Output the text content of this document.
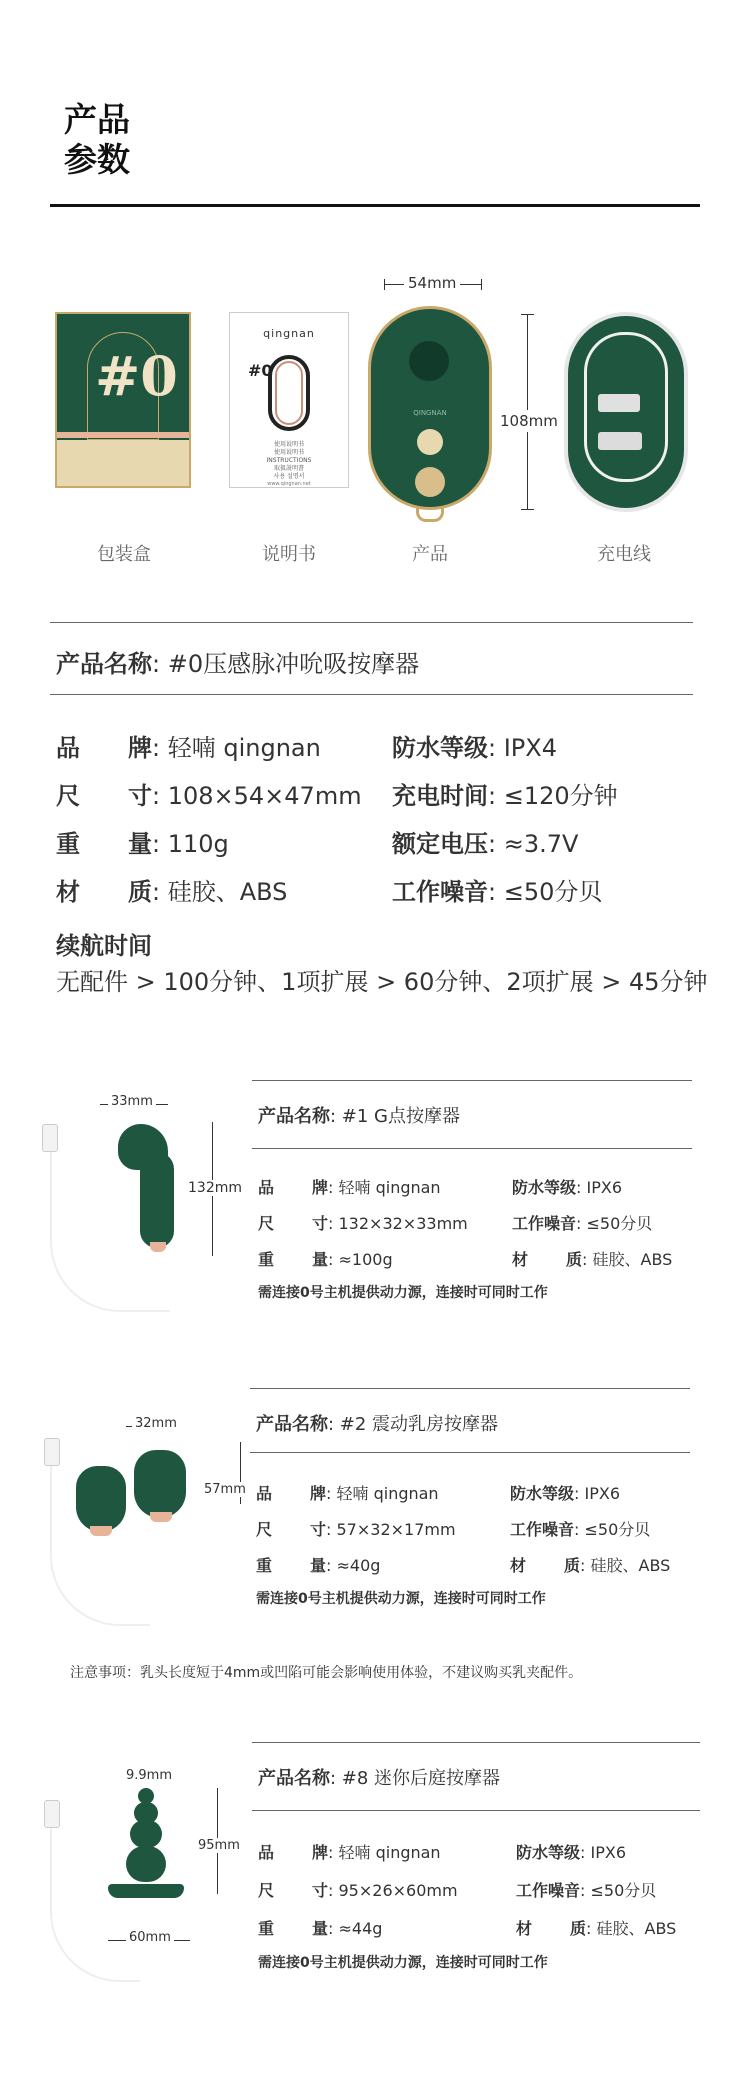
产品
参数
#0
包装盒
qingnan
#0
使用说明书
使用说明书
INSTRUCTIONS
取扱説明書
사용 설명서
www.qingnan.net
说明书
54mm
QINGNAN
产品
108mm
充电线
产品名称: #0压感脉冲吮吸按摩器
品 牌: 轻喃 qingnan	防水等级: IPX4
尺 寸: 108×54×47mm 充电时间: ≤120分钟
重 量: 110g	额定电压: ≈3.7V
材 质: 硅胶、ABS	工作噪音: ≤50分贝
续航时间
无配件 > 100分钟、1项扩展 > 60分钟、2项扩展 > 45分钟
33mm
132mm
产品名称: #1 G点按摩器
品 牌: 轻喃 qingnan	防水等级: IPX6
尺 寸: 132×32×33mm	工作噪音: ≤50分贝
重 量: ≈100g	材 质: 硅胶、ABS
需连接0号主机提供动力源，连接时可同时工作
32mm
57mm
产品名称: #2 震动乳房按摩器
品 牌: 轻喃 qingnan	防水等级: IPX6
尺 寸: 57×32×17mm	工作噪音: ≤50分贝
重 量: ≈40g	材 质: 硅胶、ABS
需连接0号主机提供动力源，连接时可同时工作
注意事项：乳头长度短于4mm或凹陷可能会影响使用体验，不建议购买乳夹配件。
9.9mm
95mm
60mm
产品名称: #8 迷你后庭按摩器
品 牌: 轻喃 qingnan	防水等级: IPX6
尺 寸: 95×26×60mm	工作噪音: ≤50分贝
重 量: ≈44g	材 质: 硅胶、ABS
需连接0号主机提供动力源，连接时可同时工作
